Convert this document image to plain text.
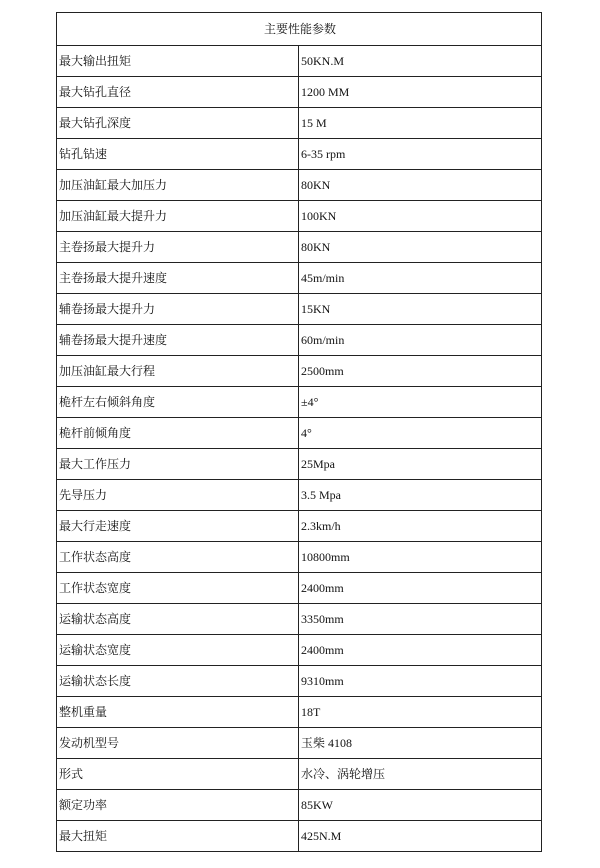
主要性能参数	
最大输出扭矩	50KN.M
最大钻孔直径	1200 MM
最大钻孔深度	15 M
钻孔钻速	6-35 rpm
加压油缸最大加压力	80KN
加压油缸最大提升力	100KN
主卷扬最大提升力	80KN
主卷扬最大提升速度	45m/min
辅卷扬最大提升力	15KN
辅卷扬最大提升速度	60m/min
加压油缸最大行程	2500mm
桅杆左右倾斜角度	±4°
桅杆前倾角度	4°
最大工作压力	25Mpa
先导压力	3.5 Mpa
最大行走速度	2.3km/h
工作状态高度	10800mm
工作状态宽度	2400mm
运输状态高度	3350mm
运输状态宽度	2400mm
运输状态长度	9310mm
整机重量	18T
发动机型号	玉柴 4108
形式	水冷、涡轮增压
额定功率	85KW
最大扭矩	425N.M
